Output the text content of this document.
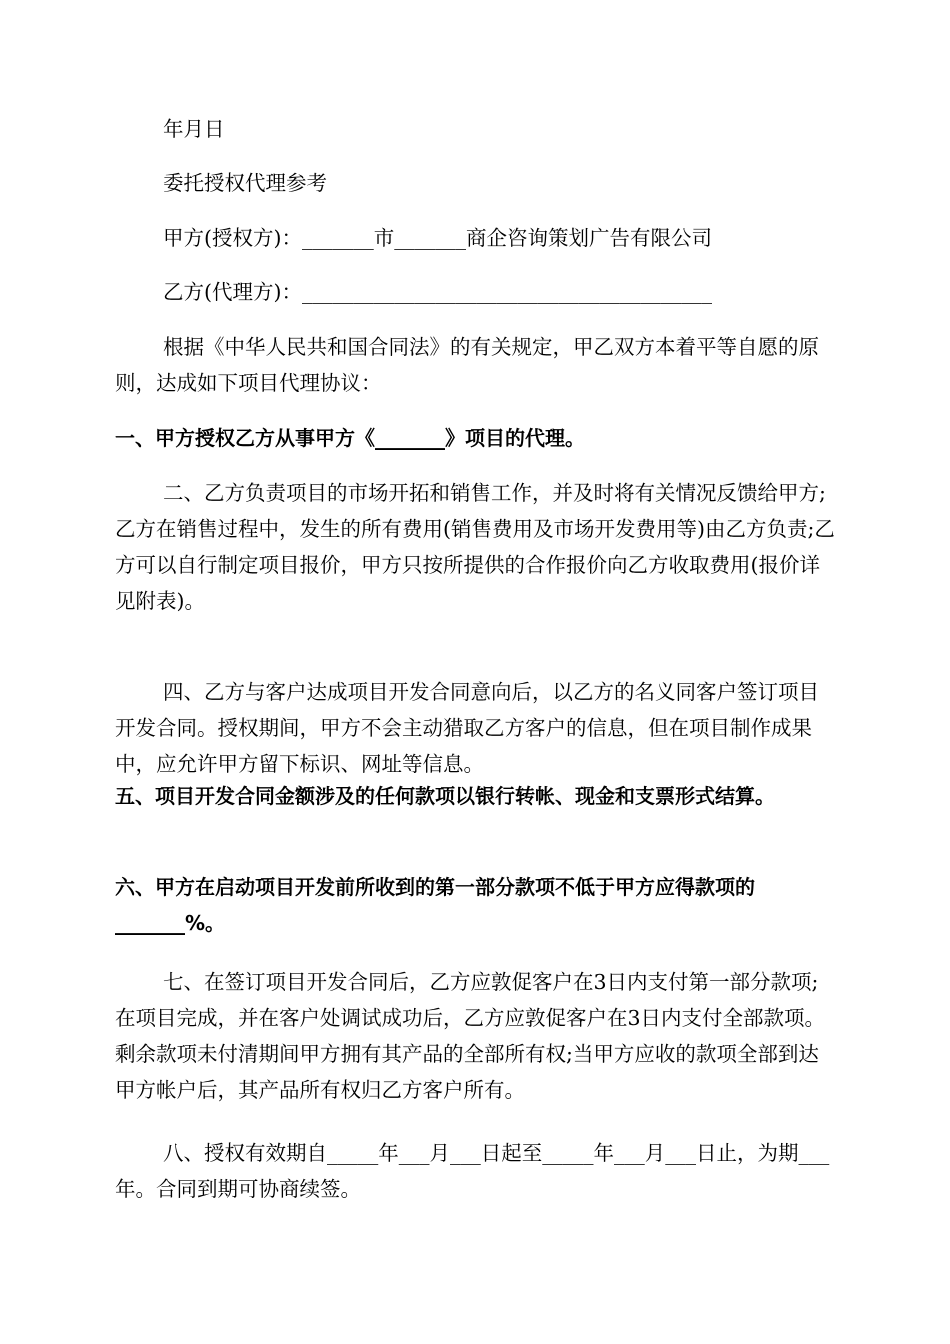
年月日

委托授权代理参考

甲方(授权方)：_______市_______商企咨询策划广告有限公司

乙方(代理方)：________________________________________

根据《中华人民共和国合同法》的有关规定，甲乙双方本着平等自愿的原则，达成如下项目代理协议：

一、甲方授权乙方从事甲方《_______》项目的代理。

二、乙方负责项目的市场开拓和销售工作，并及时将有关情况反馈给甲方;乙方在销售过程中，发生的所有费用(销售费用及市场开发费用等)由乙方负责;乙方可以自行制定项目报价，甲方只按所提供的合作报价向乙方收取费用(报价详见附表)。

四、乙方与客户达成项目开发合同意向后，以乙方的名义同客户签订项目开发合同。授权期间，甲方不会主动猎取乙方客户的信息，但在项目制作成果中，应允许甲方留下标识、网址等信息。

五、项目开发合同金额涉及的任何款项以银行转帐、现金和支票形式结算。

六、甲方在启动项目开发前所收到的第一部分款项不低于甲方应得款项的_______%。

七、在签订项目开发合同后，乙方应敦促客户在3日内支付第一部分款项;在项目完成，并在客户处调试成功后，乙方应敦促客户在3日内支付全部款项。剩余款项未付清期间甲方拥有其产品的全部所有权;当甲方应收的款项全部到达甲方帐户后，其产品所有权归乙方客户所有。

八、授权有效期自_____年___月___日起至_____年___月___日止，为期___年。合同到期可协商续签。
